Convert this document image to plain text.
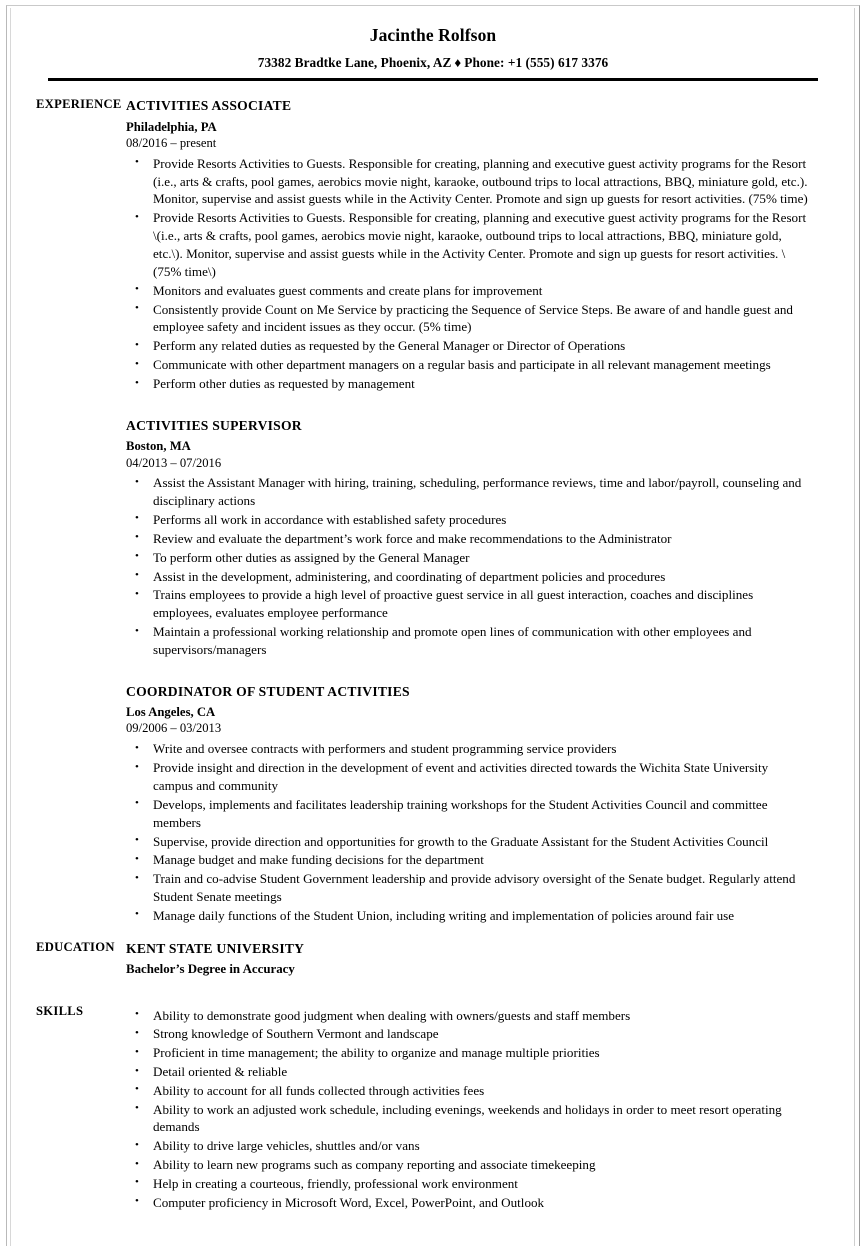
Jacinthe Rolfson
73382 Bradtke Lane, Phoenix, AZ ♦ Phone: +1 (555) 617 3376
EXPERIENCE ACTIVITIES ASSOCIATE
Philadelphia, PA
08/2016 – present
• Provide Resorts Activities to Guests. Responsible for creating, planning and executive guest activity programs for the Resort (i.e., arts & crafts, pool games, aerobics movie night, karaoke, outbound trips to local attractions, BBQ, miniature gold, etc.). Monitor, supervise and assist guests while in the Activity Center. Promote and sign up guests for resort activities. (75% time)
• Provide Resorts Activities to Guests. Responsible for creating, planning and executive guest activity programs for the Resort \(i.e., arts & crafts, pool games, aerobics movie night, karaoke, outbound trips to local attractions, BBQ, miniature gold, etc.\). Monitor, supervise and assist guests while in the Activity Center. Promote and sign up guests for resort activities. \(75% time\)
• Monitors and evaluates guest comments and create plans for improvement
• Consistently provide Count on Me Service by practicing the Sequence of Service Steps. Be aware of and handle guest and employee safety and incident issues as they occur. (5% time)
• Perform any related duties as requested by the General Manager or Director of Operations
• Communicate with other department managers on a regular basis and participate in all relevant management meetings
• Perform other duties as requested by management
ACTIVITIES SUPERVISOR
Boston, MA
04/2013 – 07/2016
• Assist the Assistant Manager with hiring, training, scheduling, performance reviews, time and labor/payroll, counseling and disciplinary actions
• Performs all work in accordance with established safety procedures
• Review and evaluate the department’s work force and make recommendations to the Administrator
• To perform other duties as assigned by the General Manager
• Assist in the development, administering, and coordinating of department policies and procedures
• Trains employees to provide a high level of proactive guest service in all guest interaction, coaches and disciplines employees, evaluates employee performance
• Maintain a professional working relationship and promote open lines of communication with other employees and supervisors/managers
COORDINATOR OF STUDENT ACTIVITIES
Los Angeles, CA
09/2006 – 03/2013
• Write and oversee contracts with performers and student programming service providers
• Provide insight and direction in the development of event and activities directed towards the Wichita State University campus and community
• Develops, implements and facilitates leadership training workshops for the Student Activities Council and committee members
• Supervise, provide direction and opportunities for growth to the Graduate Assistant for the Student Activities Council
• Manage budget and make funding decisions for the department
• Train and co-advise Student Government leadership and provide advisory oversight of the Senate budget. Regularly attend Student Senate meetings
• Manage daily functions of the Student Union, including writing and implementation of policies around fair use
EDUCATION KENT STATE UNIVERSITY
Bachelor’s Degree in Accuracy
SKILLS	• Ability to demonstrate good judgment when dealing with owners/guests and staff members
• Strong knowledge of Southern Vermont and landscape
• Proficient in time management; the ability to organize and manage multiple priorities
• Detail oriented & reliable
• Ability to account for all funds collected through activities fees
• Ability to work an adjusted work schedule, including evenings, weekends and holidays in order to meet resort operating demands
• Ability to drive large vehicles, shuttles and/or vans
• Ability to learn new programs such as company reporting and associate timekeeping
• Help in creating a courteous, friendly, professional work environment
• Computer proficiency in Microsoft Word, Excel, PowerPoint, and Outlook
